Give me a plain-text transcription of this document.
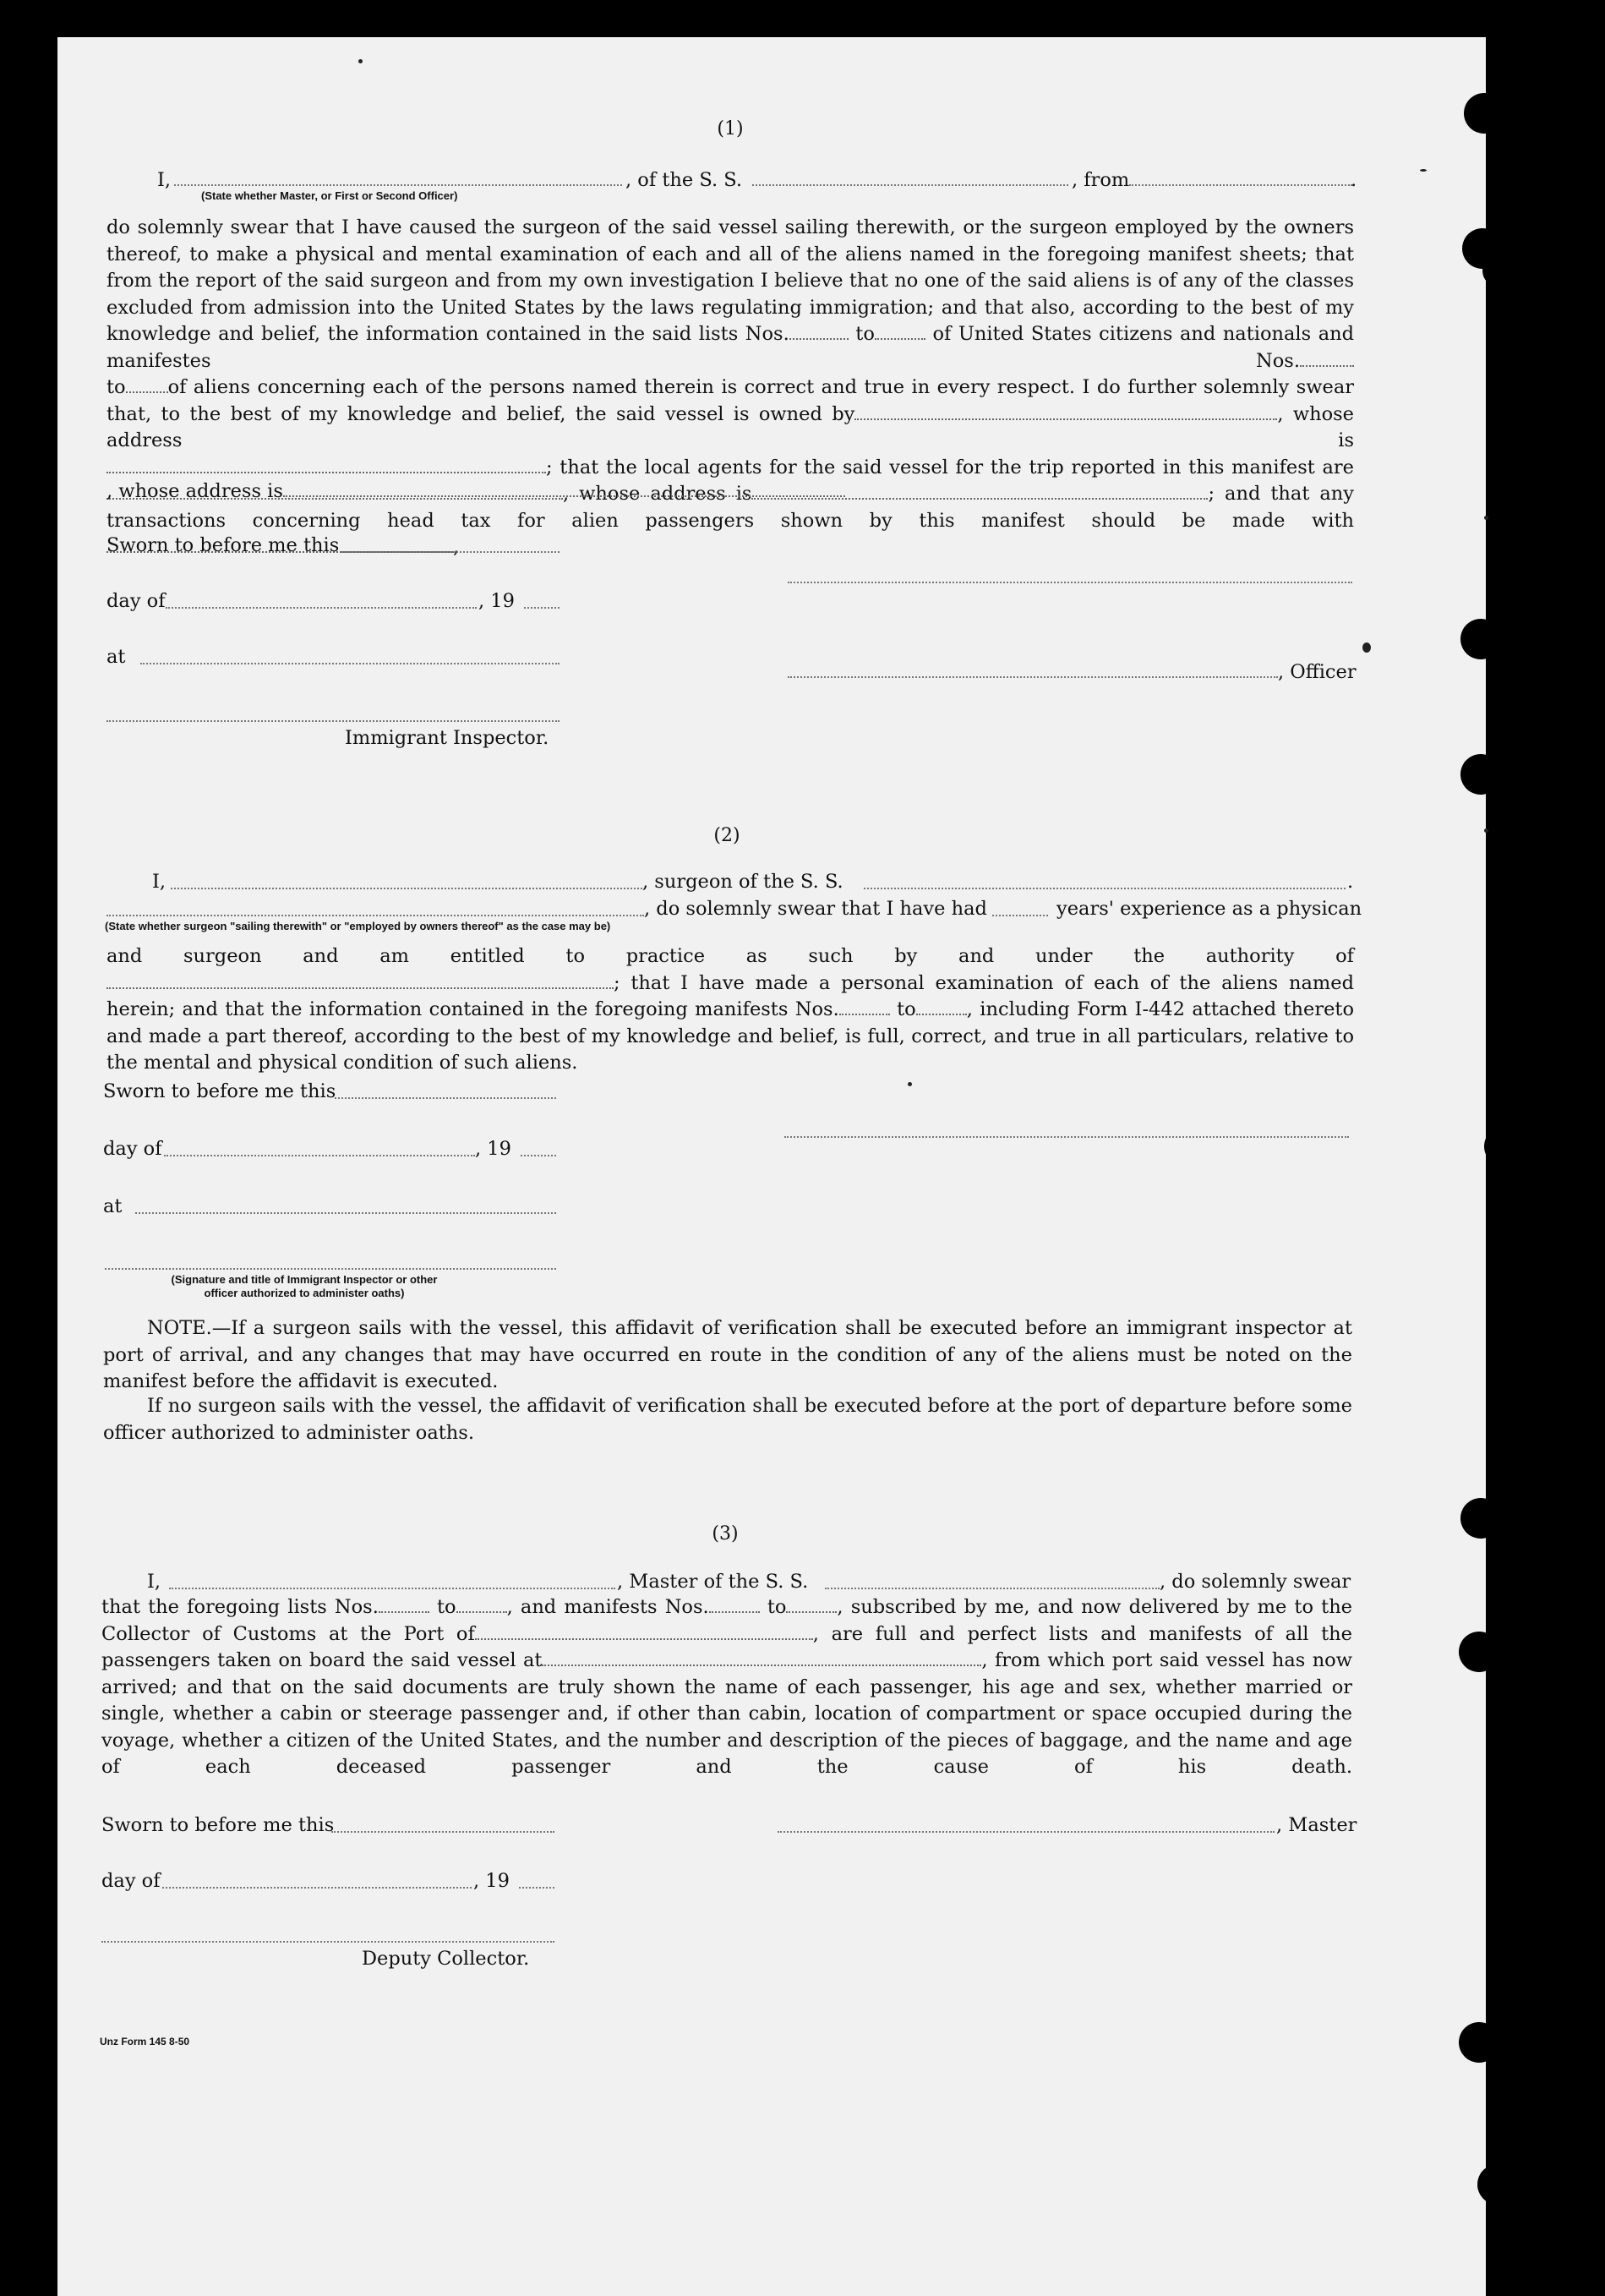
(1)
I,	, of the S. S.	, from	.
(State whether Master, or First or Second Officer)
do solemnly swear that I have caused the surgeon of the said vessel sailing therewith, or the surgeon employed by the owners thereof, to make a physical and mental examination of each and all of the aliens named in the foregoing manifest sheets; that from the report of the said surgeon and from my own investigation I believe that no one of the said aliens is of any of the classes excluded from admission into the United States by the laws regulating immigration; and that also, according to the best of my knowledge and belief, the information contained in the said lists Nos.	to	of United States citizens and nationals and manifestes Nos.
to of aliens concerning each of the persons named therein is correct and true in every respect. I do further solemnly swear that, to the best of my knowledge and belief, the said vessel is owned by	, whose address is
; that the local agents for the said vessel for the trip reported in this manifest are
, whose address is	; and that any transactions concerning head tax for alien passengers shown by this manifest should be made with,

, whose address is
Sworn to before me this
day of	, 19
at
, Officer
Immigrant Inspector.
(2)
I,	, surgeon of the S. S.	.
, do solemnly swear that I have had	years' experience as a physican
(State whether surgeon "sailing therewith" or "employed by owners thereof" as the case may be)
and surgeon and am entitled to practice as such by and under the authority of; that I have made a personal examination of each of the aliens named herein; and that the information contained in the foregoing manifests Nos.	to	, including Form I-442 attached thereto and made a part thereof, according to the best of my knowledge and belief, is full, correct, and true in all particulars, relative to the mental and physical condition of such aliens.
Sworn to before me this
day of	, 19
at
(Signature and title of Immigrant Inspector or other
officer authorized to administer oaths)
NOTE.—If a surgeon sails with the vessel, this affidavit of verification shall be executed before an immigrant inspector at port of arrival, and any changes that may have occurred en route in the condition of any of the aliens must be noted on the manifest before the affidavit is executed.
If no surgeon sails with the vessel, the affidavit of verification shall be executed before at the port of departure before some officer authorized to administer oaths.
(3)
I,	, Master of the S. S.	, do solemnly swear
that the foregoing lists Nos.	to	, and manifests Nos.	to	, subscribed by me, and now delivered by me to the Collector of Customs at the Port of	, are full and perfect lists and manifests of all the passengers taken on board the said vessel at	, from which port said vessel has now arrived; and that on the said documents are truly shown the name of each passenger, his age and sex, whether married or single, whether a cabin or steerage passenger and, if other than cabin, location of compartment or space occupied during the voyage, whether a citizen of the United States, and the number and description of the pieces of baggage, and the name and age of each deceased passenger and the cause of his death.
Sworn to before me this	, Master
day of	, 19
Deputy Collector.
Unz Form 145 8-50
